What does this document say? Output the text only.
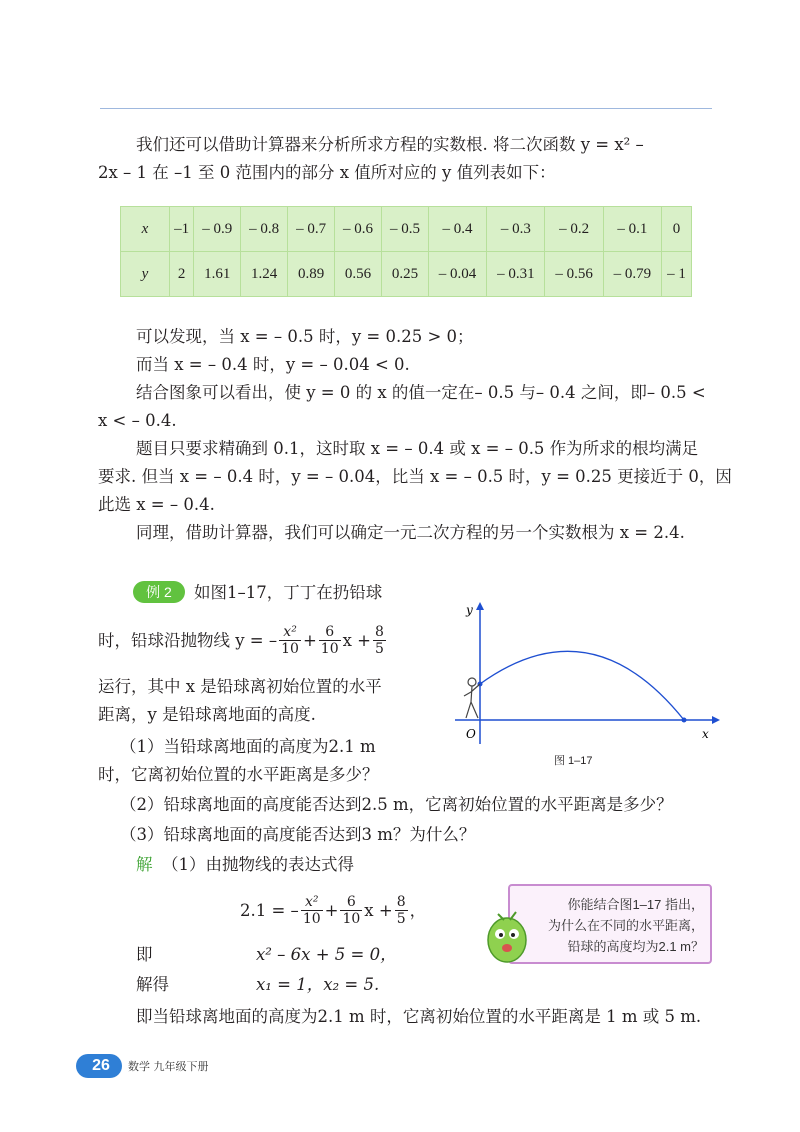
我们还可以借助计算器来分析所求方程的实数根. 将二次函数 y = x² –
2x – 1 在 –1 至 0 范围内的部分 x 值所对应的 y 值列表如下：
x	–1	– 0.9	– 0.8	– 0.7	– 0.6	– 0.5	– 0.4	– 0.3	– 0.2	– 0.1	0
y	2	1.61	1.24	0.89	0.56	0.25	– 0.04	– 0.31	– 0.56	– 0.79	– 1
可以发现，当 x = – 0.5 时，y = 0.25 > 0；
而当 x = – 0.4 时，y = – 0.04 < 0.
结合图象可以看出，使 y = 0 的 x 的值一定在– 0.5 与– 0.4 之间，即– 0.5 <
x < – 0.4.
题目只要求精确到 0.1，这时取 x = – 0.4 或 x = – 0.5 作为所求的根均满足
要求. 但当 x = – 0.4 时，y = – 0.04，比当 x = – 0.5 时，y = 0.25 更接近于 0，因
此选 x = – 0.4.
同理，借助计算器，我们可以确定一元二次方程的另一个实数根为 x = 2.4.
例 2	如图1–17，丁丁在扔铅球
时，铅球沿抛物线 y = – $\frac{\text{x²}}{10} + \frac{6}{10}$ $x + \frac{8}{5}$
运行，其中 x 是铅球离初始位置的水平
距离，y 是铅球离地面的高度.
（1）当铅球离地面的高度为2.1 m
时，它离初始位置的水平距离是多少？
（2）铅球离地面的高度能否达到2.5 m，它离初始位置的水平距离是多少？
（3）铅球离地面的高度能否达到3 m？为什么？
y
O	x
图 1–17
解 （1）由抛物线的表达式得
2.1 = – $\frac{\text{x²}}{10} + \frac{6}{10}$ $x + \frac{8}{5}$ ，
即	x² – 6x + 5 = 0，
解得	x₁ = 1，x₂ = 5.
即当铅球离地面的高度为2.1 m 时，它离初始位置的水平距离是 1 m 或 5 m.
你能结合图1–17 指出，
为什么在不同的水平距离，
铅球的高度均为2.1 m？
26	数学 九年级下册
